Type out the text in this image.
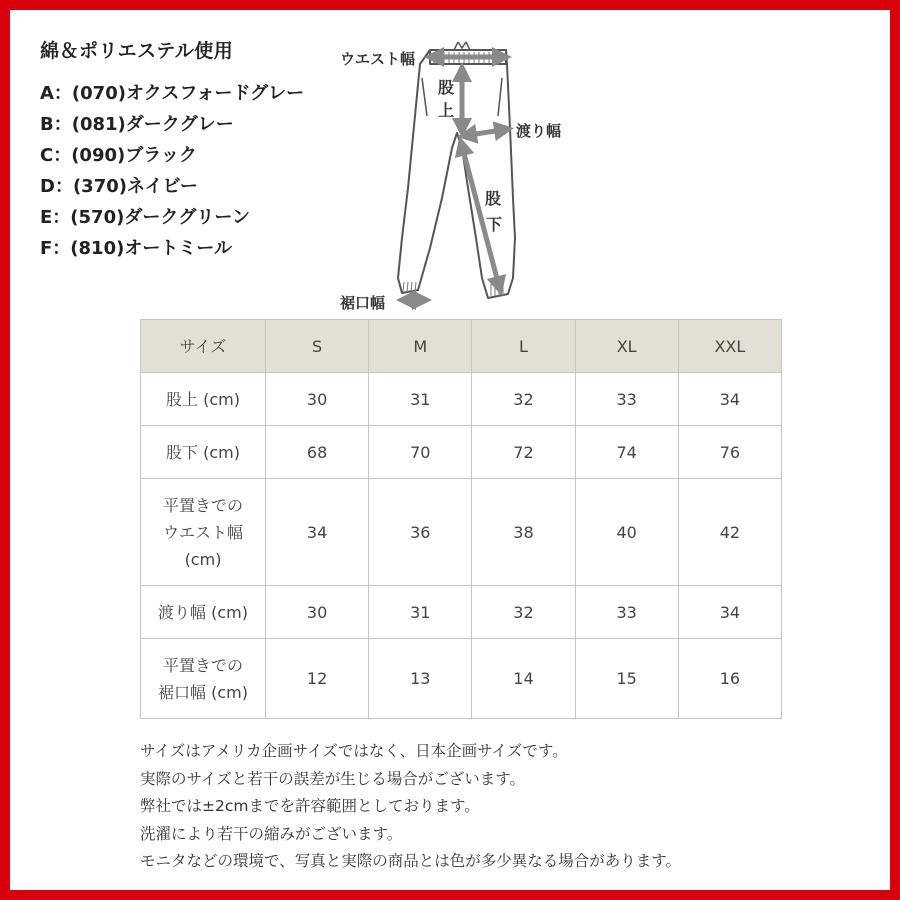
綿＆ポリエステル使用
A：(070)オクスフォードグレー
B：(081)ダークグレー
C：(090)ブラック
D：(370)ネイビー
E：(570)ダークグリーン
F：(810)オートミール
ウエスト幅
股
上
渡り幅
股
下
裾口幅
サイズ	S	M	L	XL	XXL
股上 (cm)	30	31	32	33	34
股下 (cm)	68	70	72	74	76

平置きでの
ウエスト幅
(cm)	34	36	38	40	42
渡り幅 (cm)	30	31	32	33	34

平置きでの
裾口幅 (cm)	12	13	14	15	16
サイズはアメリカ企画サイズではなく、日本企画サイズです。
実際のサイズと若干の誤差が生じる場合がございます。
弊社では±2cmまでを許容範囲としております。
洗濯により若干の縮みがございます。
モニタなどの環境で、写真と実際の商品とは色が多少異なる場合があります。
